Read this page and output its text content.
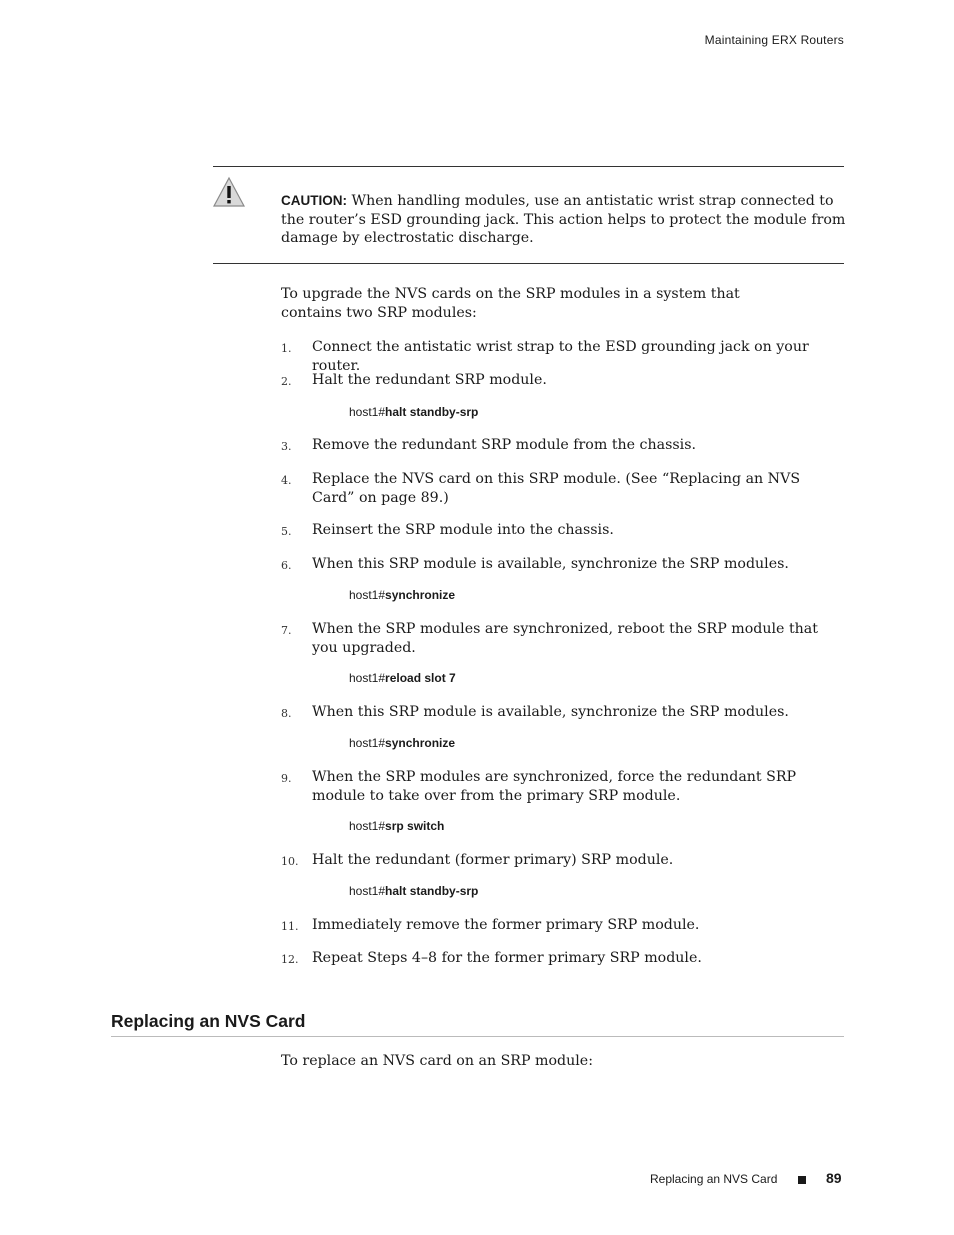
Maintaining ERX Routers
CAUTION: When handling modules, use an antistatic wrist strap connected to the router’s ESD grounding jack. This action helps to protect the module from damage by electrostatic discharge.
To upgrade the NVS cards on the SRP modules in a system that contains two SRP modules:
1. Connect the antistatic wrist strap to the ESD grounding jack on your router.
2. Halt the redundant SRP module.
host1#halt standby-srp
3. Remove the redundant SRP module from the chassis.
4. Replace the NVS card on this SRP module. (See “Replacing an NVS Card” on page 89.)
5. Reinsert the SRP module into the chassis.
6. When this SRP module is available, synchronize the SRP modules.
host1#synchronize
7. When the SRP modules are synchronized, reboot the SRP module that you upgraded.
host1#reload slot 7
8. When this SRP module is available, synchronize the SRP modules.
host1#synchronize
9. When the SRP modules are synchronized, force the redundant SRP module to take over from the primary SRP module.
host1#srp switch
10. Halt the redundant (former primary) SRP module.
host1#halt standby-srp
11. Immediately remove the former primary SRP module.
12. Repeat Steps 4–8 for the former primary SRP module.
Replacing an NVS Card
To replace an NVS card on an SRP module:
Replacing an NVS Card	89
